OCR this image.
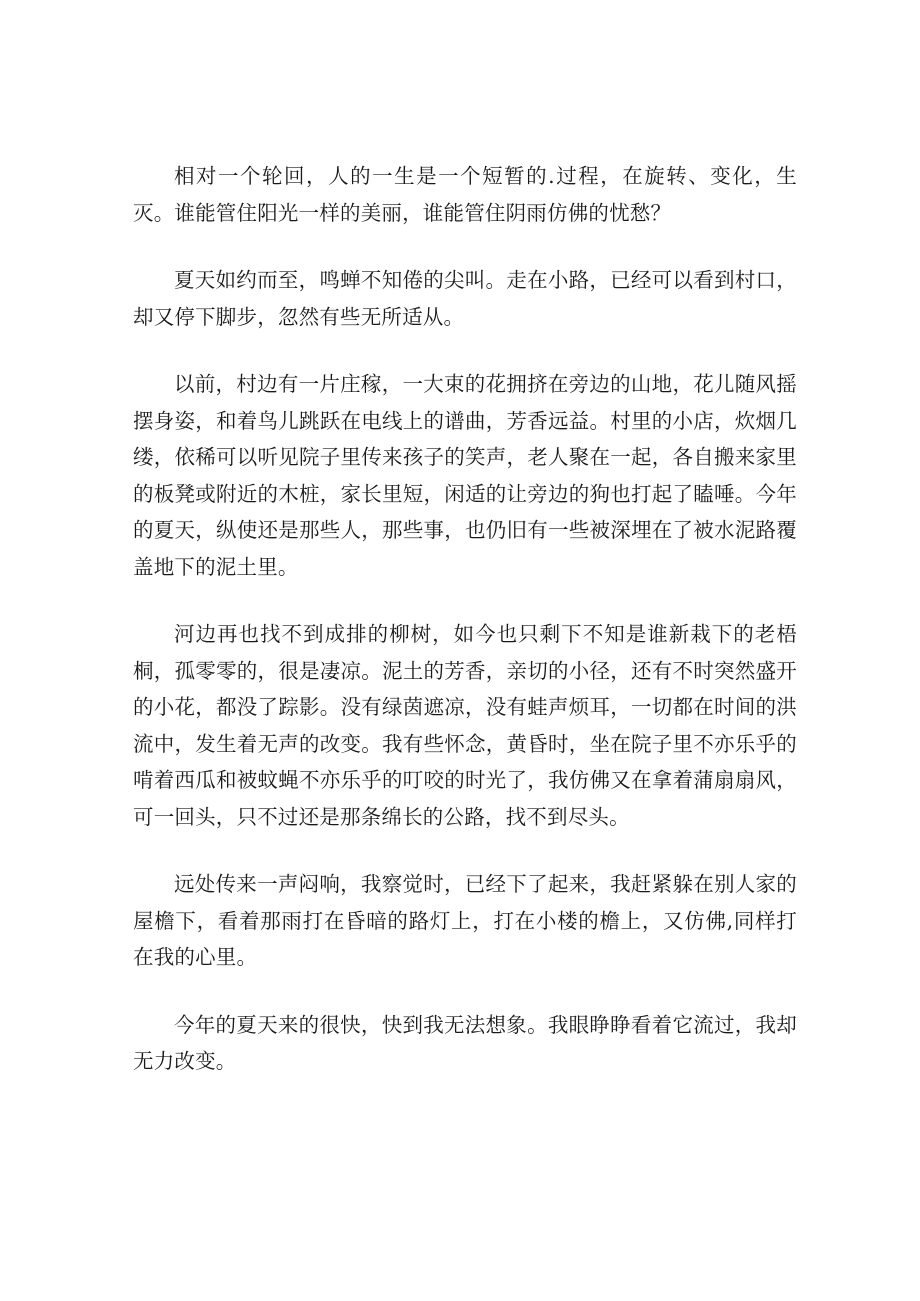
相对一个轮回，人的一生是一个短暂的.过程，在旋转、变化，生灭。谁能管住阳光一样的美丽，谁能管住阴雨仿佛的忧愁？

夏天如约而至，鸣蝉不知倦的尖叫。走在小路，已经可以看到村口，却又停下脚步，忽然有些无所适从。

以前，村边有一片庄稼，一大束的花拥挤在旁边的山地，花儿随风摇摆身姿，和着鸟儿跳跃在电线上的谱曲，芳香远益。村里的小店，炊烟几缕，依稀可以听见院子里传来孩子的笑声，老人聚在一起，各自搬来家里的板凳或附近的木桩，家长里短，闲适的让旁边的狗也打起了瞌唾。今年的夏天，纵使还是那些人，那些事，也仍旧有一些被深埋在了被水泥路覆盖地下的泥土里。

河边再也找不到成排的柳树，如今也只剩下不知是谁新栽下的老梧桐，孤零零的，很是凄凉。泥土的芳香，亲切的小径，还有不时突然盛开的小花，都没了踪影。没有绿茵遮凉，没有蛙声烦耳，一切都在时间的洪流中，发生着无声的改变。我有些怀念，黄昏时，坐在院子里不亦乐乎的啃着西瓜和被蚊蝇不亦乐乎的叮咬的时光了，我仿佛又在拿着蒲扇扇风，可一回头，只不过还是那条绵长的公路，找不到尽头。

远处传来一声闷响，我察觉时，已经下了起来，我赶紧躲在别人家的屋檐下，看着那雨打在昏暗的路灯上，打在小楼的檐上，又仿佛,同样打在我的心里。

今年的夏天来的很快，快到我无法想象。我眼睁睁看着它流过，我却无力改变。
